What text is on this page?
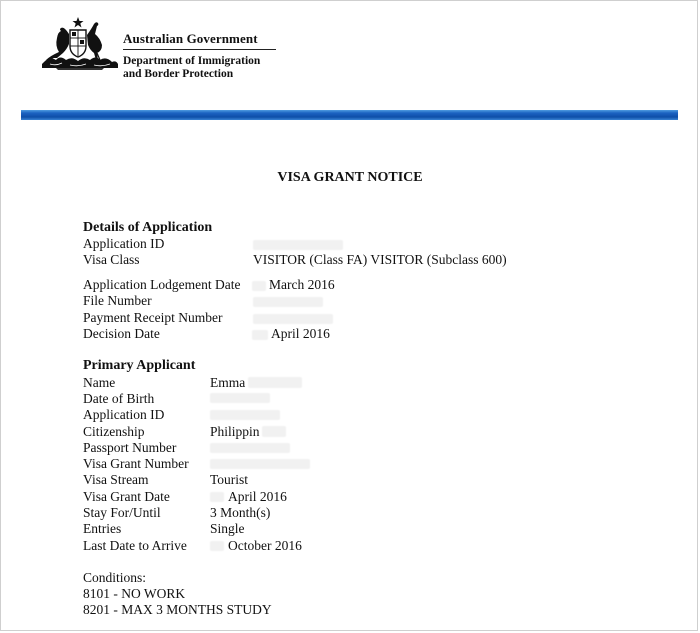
Australian Government
Department of Immigration
and Border Protection
VISA GRANT NOTICE
Details of Application
Application ID
Visa Class	VISITOR (Class FA) VISITOR (Subclass 600)
Application Lodgement Date March 2016
File Number
Payment Receipt Number
Decision Date	April 2016
Primary Applicant
Name	Emma
Date of Birth
Application ID
Citizenship	Philippin
Passport Number
Visa Grant Number
Visa Stream	Tourist
Visa Grant Date	April 2016
Stay For/Until	3 Month(s)
Entries	Single
Last Date to Arrive	October 2016
Conditions:
8101 - NO WORK
8201 - MAX 3 MONTHS STUDY
